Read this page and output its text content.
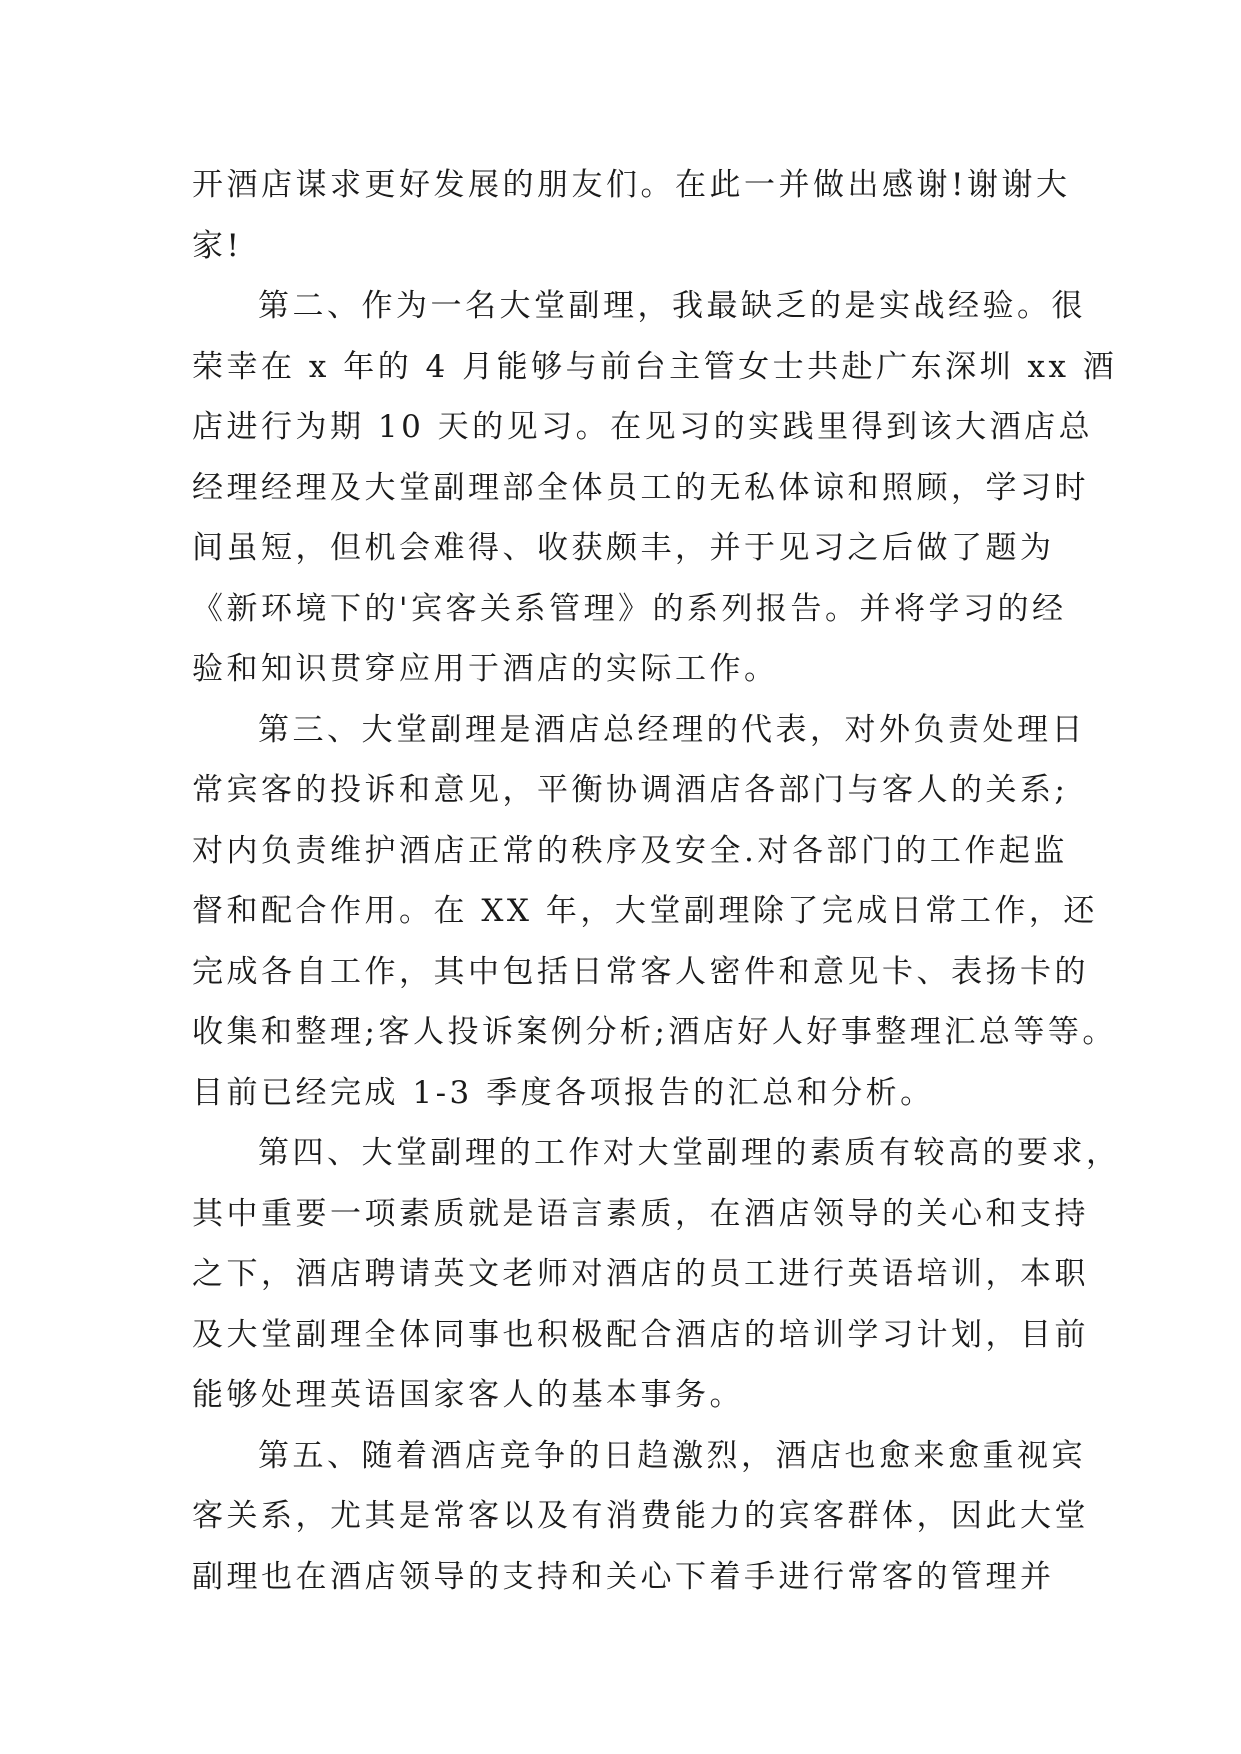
开酒店谋求更好发展的朋友们。在此一并做出感谢!谢谢大
家!
第二、作为一名大堂副理，我最缺乏的是实战经验。很
荣幸在 x 年的 4 月能够与前台主管女士共赴广东深圳 xx 酒
店进行为期 10 天的见习。在见习的实践里得到该大酒店总
经理经理及大堂副理部全体员工的无私体谅和照顾，学习时
间虽短，但机会难得、收获颇丰，并于见习之后做了题为
《新环境下的'宾客关系管理》的系列报告。并将学习的经
验和知识贯穿应用于酒店的实际工作。
第三、大堂副理是酒店总经理的代表，对外负责处理日
常宾客的投诉和意见，平衡协调酒店各部门与客人的关系;
对内负责维护酒店正常的秩序及安全.对各部门的工作起监
督和配合作用。在 XX 年，大堂副理除了完成日常工作，还
完成各自工作，其中包括日常客人密件和意见卡、表扬卡的
收集和整理;客人投诉案例分析;酒店好人好事整理汇总等等。
目前已经完成 1-3 季度各项报告的汇总和分析。
第四、大堂副理的工作对大堂副理的素质有较高的要求，
其中重要一项素质就是语言素质，在酒店领导的关心和支持
之下，酒店聘请英文老师对酒店的员工进行英语培训，本职
及大堂副理全体同事也积极配合酒店的培训学习计划，目前
能够处理英语国家客人的基本事务。
第五、随着酒店竞争的日趋激烈，酒店也愈来愈重视宾
客关系，尤其是常客以及有消费能力的宾客群体，因此大堂
副理也在酒店领导的支持和关心下着手进行常客的管理并
